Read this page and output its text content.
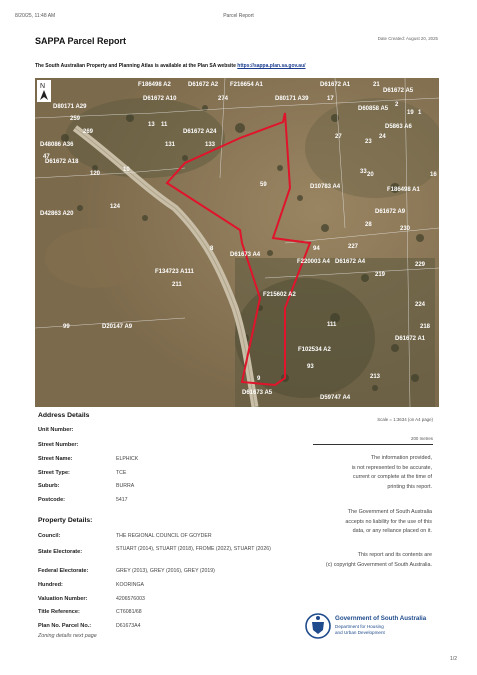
8/20/25, 11:48 AM	Parcel Report
SAPPA Parcel Report	Date Created: August 20, 2025
The South Australian Property and Planning Atlas is available at the Plan SA website https://sappa.plan.sa.gov.au/
N	F186498 A2	D61672 A2 F216654 A1	D61672 A1
D61672 A5
D61672 A10
D80171 A29
D80171 A39
D60858 A5
D5863 A6
D10783 A4
F220003 A4
D61673 A4
F134723 A111
D20147 A9
D61672 A4
D61672 A9
F215602 A2
D61672 A1
F102534 A2
D61673 A5
D59747 A4
F186498 A1
D42863 A20
D48086 A36
D61672 A18
D61672 A24
211
99
47
59
27
28
230
229
227
224
219
218
213
111
124
120
131	133
259
269
274
93
94
33
24
23
21
20
19
17
16
13 11
10
9
8
2
1
Address Details
Unit Number:
Street Number:
Street Name:	ELPHICK
Street Type:	TCE
Suburb:	BURRA
Postcode:	5417
Property Details:
Council:	THE REGIONAL COUNCIL OF GOYDER
State Electorate:	STUART (2014), STUART (2018), FROME (2022), STUART (2026)
Federal Electorate:	GREY (2013), GREY (2016), GREY (2019)
Hundred:	KOORINGA
Valuation Number:	4206576003
Title Reference:	CT6081/68
Plan No. Parcel No.:	D61673A4
Zoning details next page
Scale = 1:3634 (on A4 page)
200 metres
The information provided,
is not represented to be accurate,
current or complete at the time of
printing this report.
The Government of South Australia
accepts no liability for the use of this
data, or any reliance placed on it.
This report and its contents are
(c) copyright Government of South Australia.
Government of South Australia
Department for Housing
and Urban Development
1/2
